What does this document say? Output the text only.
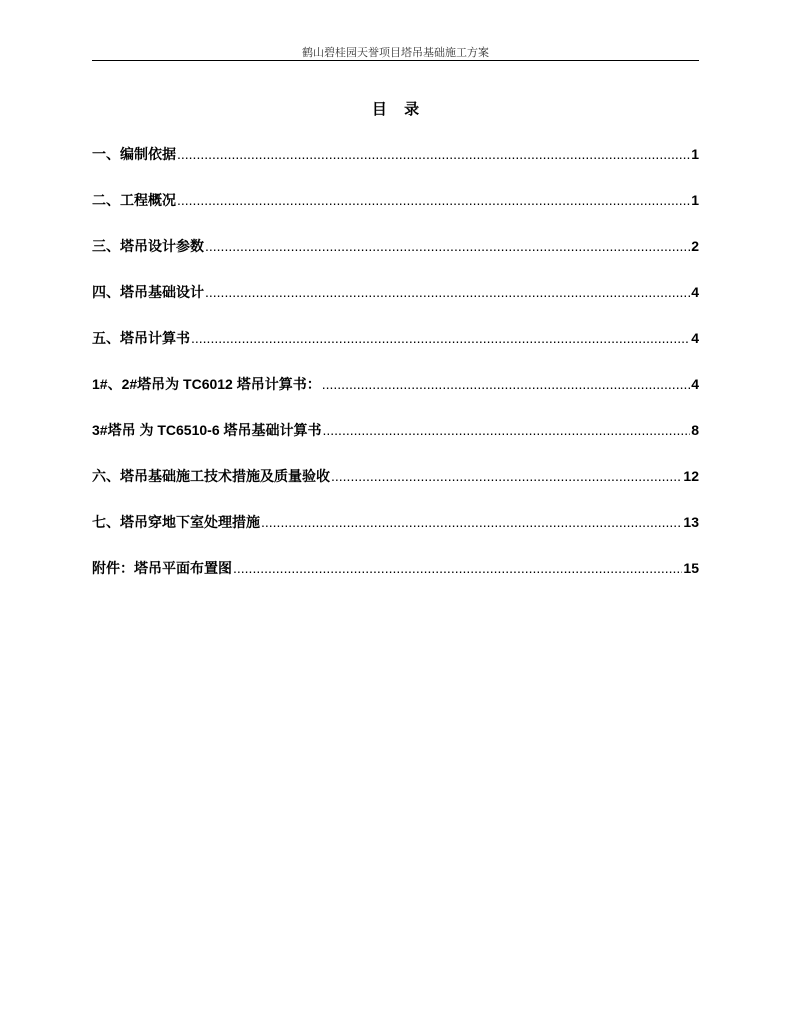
鹤山碧桂园天誉项目塔吊基础施工方案
目 录
一、编制依据 .....	1
二、工程概况 .....	1
三、塔吊设计参数 .....	2
四、塔吊基础设计 .....	4
五、塔吊计算书 .....	4
1#、2#塔吊为 TC6012 塔吊计算书： .....	4
3#塔吊 为 TC6510-6 塔吊基础计算书 .....	8
六、塔吊基础施工技术措施及质量验收 .....	12
七、塔吊穿地下室处理措施 .....	13
附件：塔吊平面布置图 .....	15
